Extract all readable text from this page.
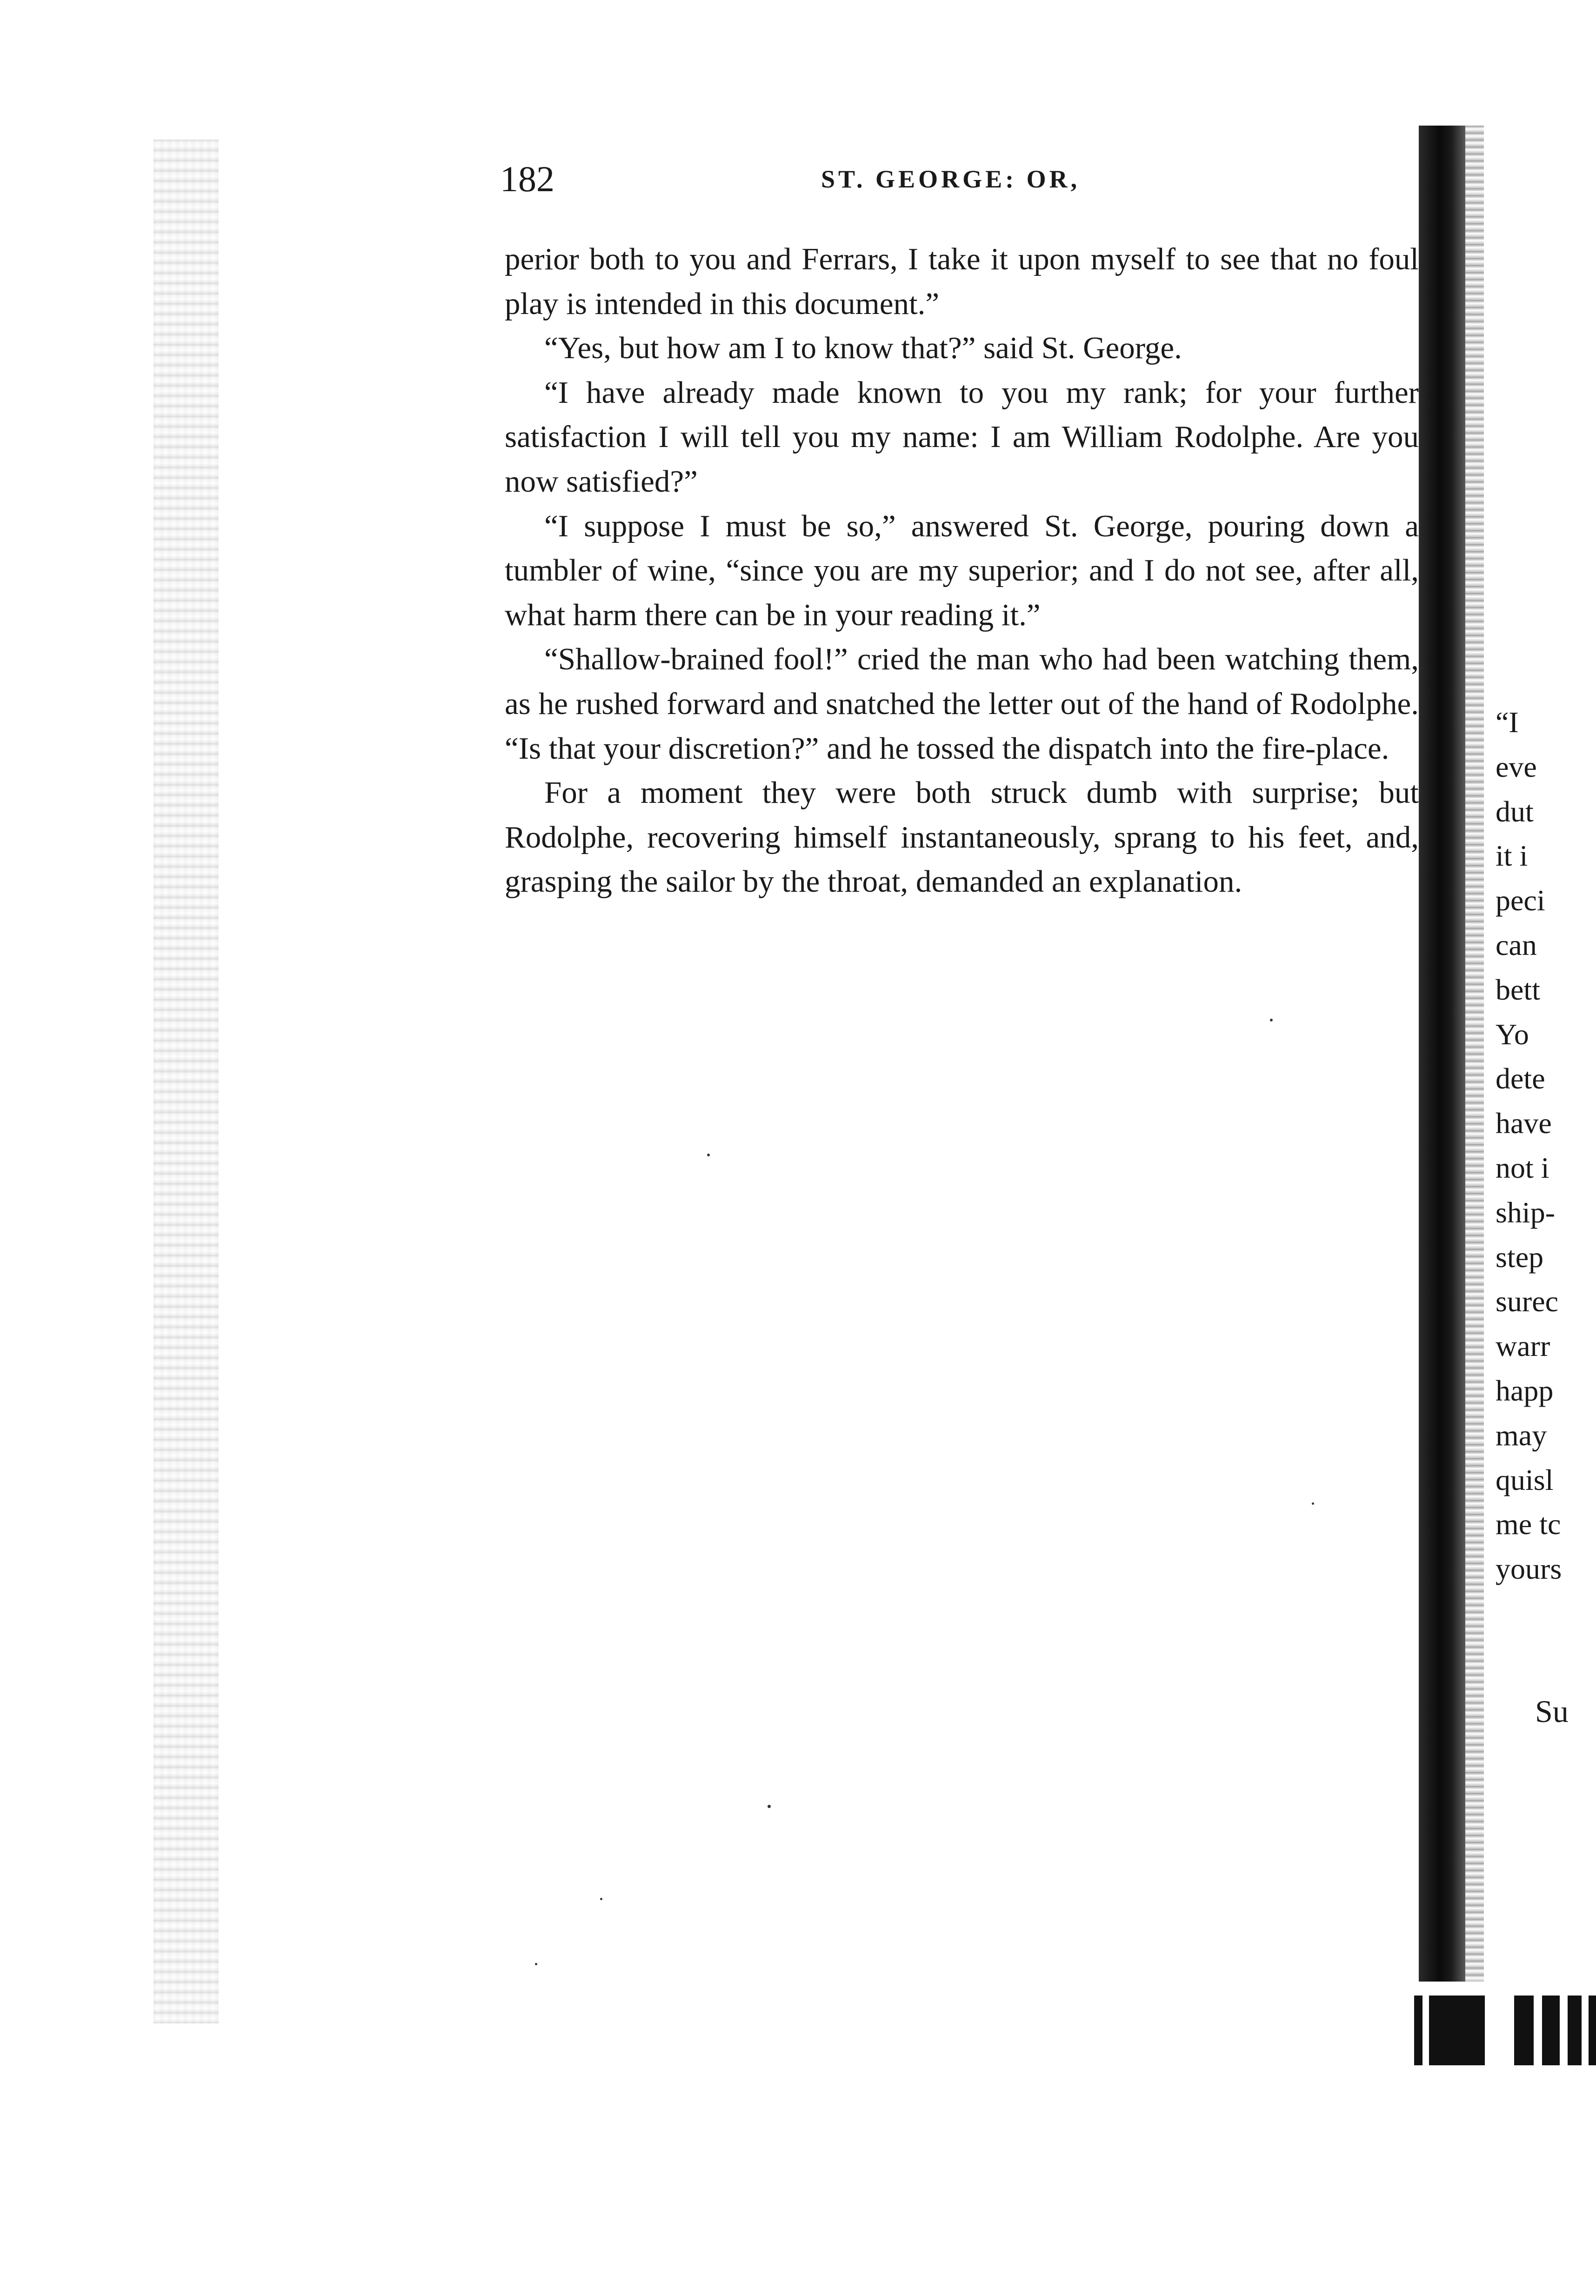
182	ST. GEORGE: OR,

perior both to you and Ferrars, I take it upon myself to see that no foul play is intended in this document.”

“Yes, but how am I to know that?” said St. George.

“I have already made known to you my rank; for your further satisfaction I will tell you my name: I am William Rodolphe. Are you now satisfied?”

“I suppose I must be so,” answered St. George, pouring down a tumbler of wine, “since you are my superior; and I do not see, after all, what harm there can be in your reading it.”

“Shallow-brained fool!” cried the man who had been watching them, as he rushed forward and snatched the letter out of the hand of Rodolphe. “Is that your discretion?” and he tossed the dispatch into the fire-place.

For a moment they were both struck dumb with surprise; but Rodolphe, recovering himself instantaneously, sprang to his feet, and, grasping the sailor by the throat, demanded an explanation.

“I
eve
dut
it i
peci
can
bett
Yo
dete
have
not i
ship-
step
surec
warr
happ
may
quisl
me tc
yours
Su
